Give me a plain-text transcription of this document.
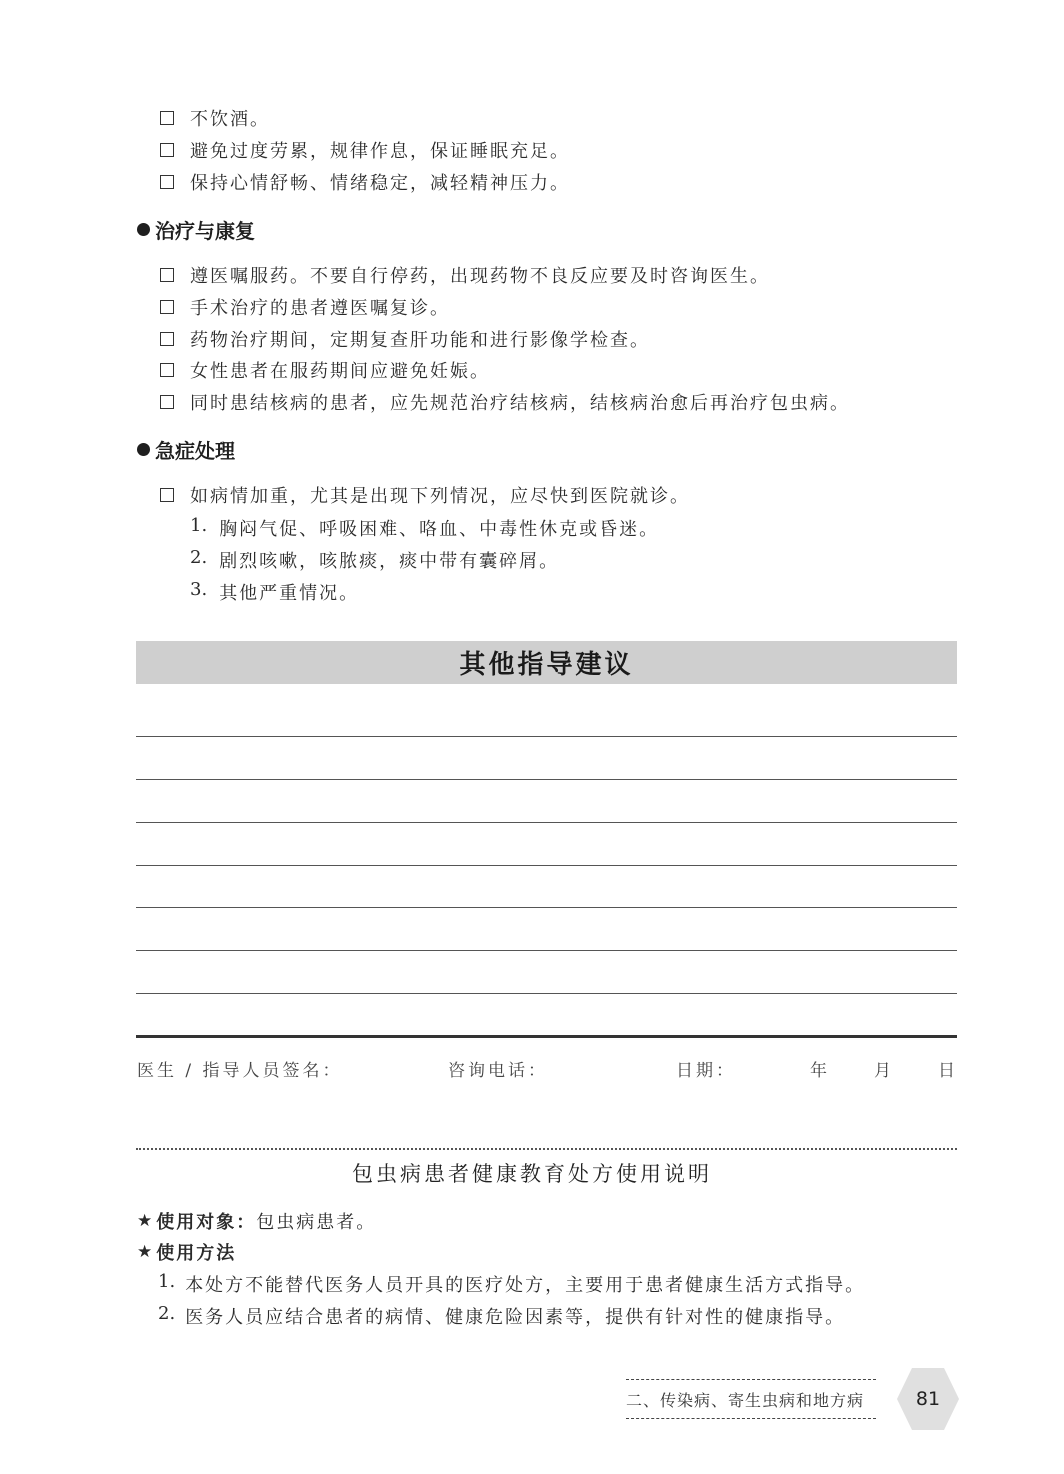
不饮酒。
避免过度劳累，规律作息，保证睡眠充足。
保持心情舒畅、情绪稳定，减轻精神压力。
治疗与康复
遵医嘱服药。不要自行停药，出现药物不良反应要及时咨询医生。
手术治疗的患者遵医嘱复诊。
药物治疗期间，定期复查肝功能和进行影像学检查。
女性患者在服药期间应避免妊娠。
同时患结核病的患者，应先规范治疗结核病，结核病治愈后再治疗包虫病。
急症处理
如病情加重，尤其是出现下列情况，应尽快到医院就诊。
1. 胸闷气促、呼吸困难、咯血、中毒性休克或昏迷。
2. 剧烈咳嗽，咳脓痰，痰中带有囊碎屑。
3. 其他严重情况。
其他指导建议
医生 / 指导人员签名：	咨询电话：	日期：	年	月	日
包虫病患者健康教育处方使用说明
★ 使用对象： 包虫病患者。
★ 使用方法
1. 本处方不能替代医务人员开具的医疗处方，主要用于患者健康生活方式指导。
2. 医务人员应结合患者的病情、健康危险因素等，提供有针对性的健康指导。
二、传染病、寄生虫病和地方病	81
